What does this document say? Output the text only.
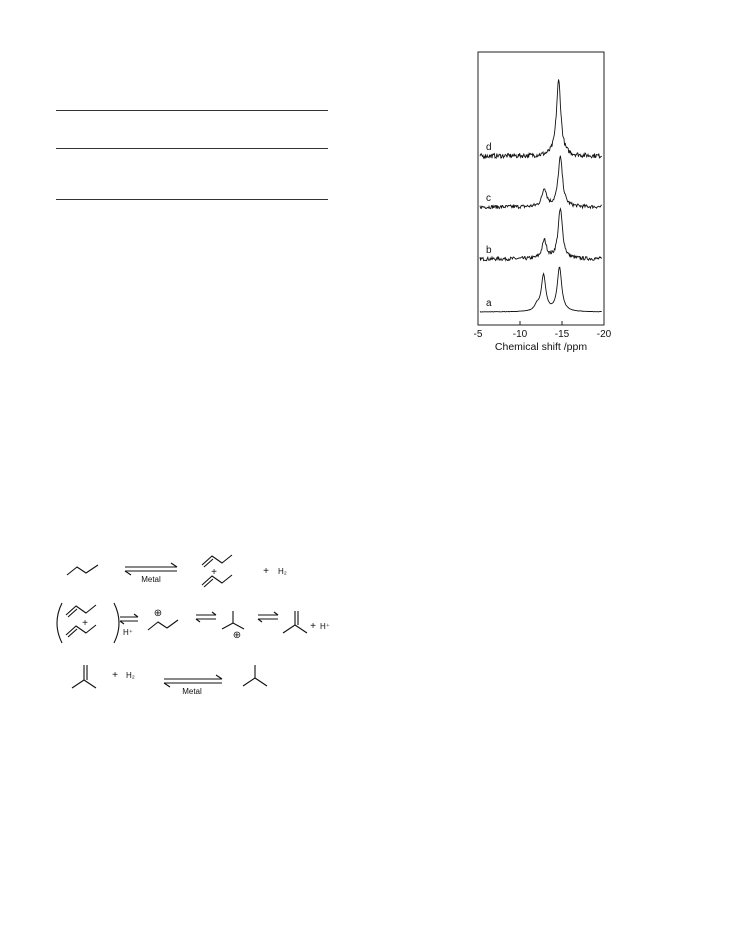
a
b
c
d
-5	-10	-15	-20
Chemical shift /ppm
Metal
+	+ H₂
+
H⁺
⊕
⊕
+ H⁺
+ H₂
Metal
